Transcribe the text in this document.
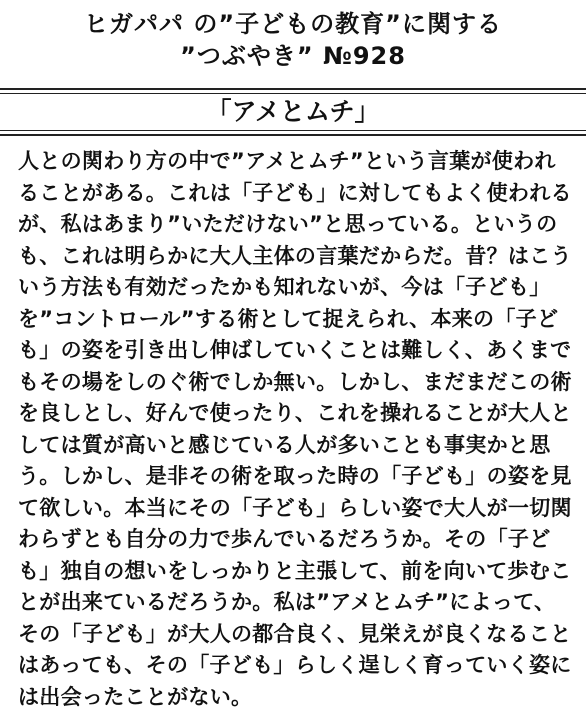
ヒガパパ の”子どもの教育”に関する
”つぶやき” №928
「アメとムチ」
人との関わり方の中で”アメとムチ”という言葉が使われ
ることがある。これは「子ども」に対してもよく使われる
が、私はあまり”いただけない”と思っている。というの
も、これは明らかに大人主体の言葉だからだ。昔？はこう
いう方法も有効だったかも知れないが、今は「子ども」
を”コントロール”する術として捉えられ、本来の「子ど
も」の姿を引き出し伸ばしていくことは難しく、あくまで
もその場をしのぐ術でしか無い。しかし、まだまだこの術
を良しとし、好んで使ったり、これを操れることが大人と
しては質が高いと感じている人が多いことも事実かと思
う。しかし、是非その術を取った時の「子ども」の姿を見
て欲しい。本当にその「子ども」らしい姿で大人が一切関
わらずとも自分の力で歩んでいるだろうか。その「子ど
も」独自の想いをしっかりと主張して、前を向いて歩むこ
とが出来ているだろうか。私は”アメとムチ”によって、
その「子ども」が大人の都合良く、見栄えが良くなること
はあっても、その「子ども」らしく逞しく育っていく姿に
は出会ったことがない。
